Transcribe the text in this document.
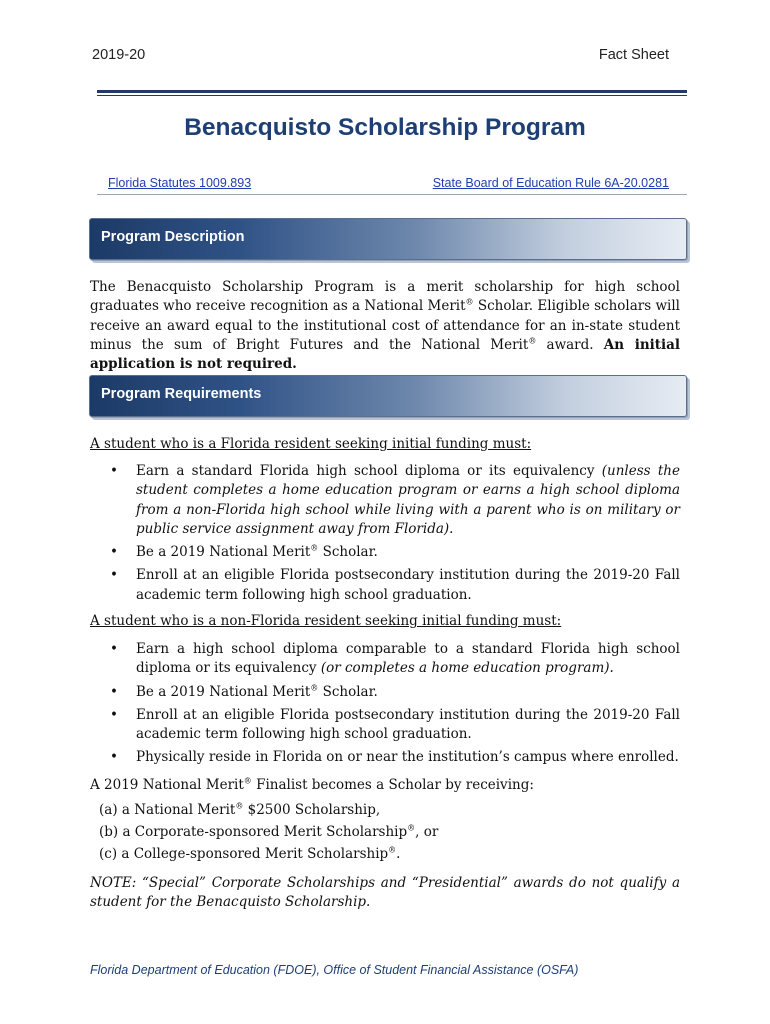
2019-20	Fact Sheet
Benacquisto Scholarship Program
Florida Statutes 1009.893	State Board of Education Rule 6A-20.0281
Program Description
The Benacquisto Scholarship Program is a merit scholarship for high school graduates who receive recognition as a National Merit® Scholar. Eligible scholars will receive an award equal to the institutional cost of attendance for an in-state student minus the sum of Bright Futures and the National Merit® award. An initial application is not required.
Program Requirements
A student who is a Florida resident seeking initial funding must:
• Earn a standard Florida high school diploma or its equivalency (unless the student completes a home education program or earns a high school diploma from a non-Florida high school while living with a parent who is on military or public service assignment away from Florida).
• Be a 2019 National Merit® Scholar.
• Enroll at an eligible Florida postsecondary institution during the 2019-20 Fall academic term following high school graduation.
A student who is a non-Florida resident seeking initial funding must:
• Earn a high school diploma comparable to a standard Florida high school diploma or its equivalency (or completes a home education program).
• Be a 2019 National Merit® Scholar.
• Enroll at an eligible Florida postsecondary institution during the 2019-20 Fall academic term following high school graduation.
• Physically reside in Florida on or near the institution’s campus where enrolled.
A 2019 National Merit® Finalist becomes a Scholar by receiving:
(a) a National Merit® $2500 Scholarship,
(b) a Corporate-sponsored Merit Scholarship®, or
(c) a College-sponsored Merit Scholarship®.
NOTE: “Special” Corporate Scholarships and “Presidential” awards do not qualify a student for the Benacquisto Scholarship.
Florida Department of Education (FDOE), Office of Student Financial Assistance (OSFA)
